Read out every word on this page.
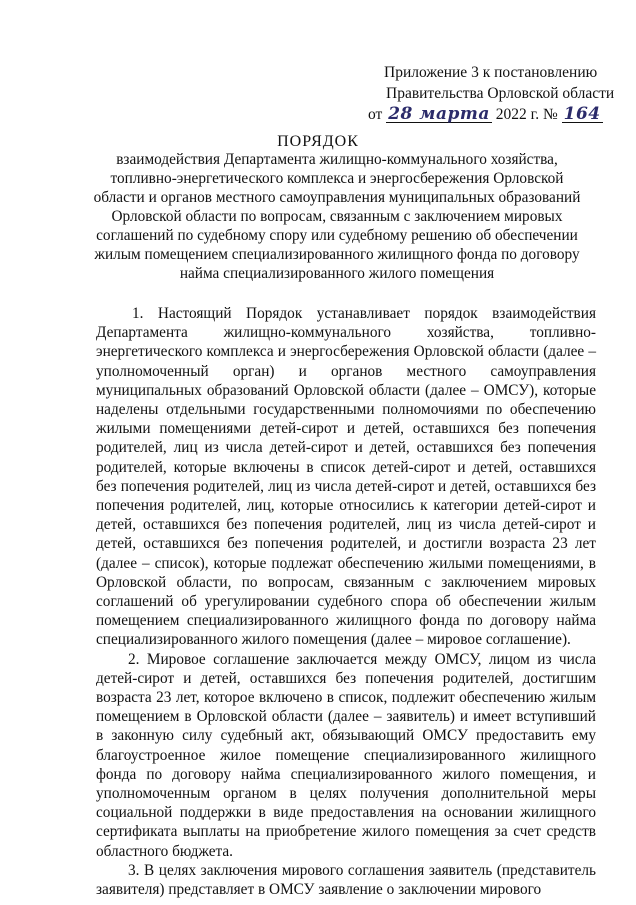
Приложение 3 к постановлению
Правительства Орловской области
от 28 марта 2022 г. № 164
ПОРЯДОК
взаимодействия Департамента жилищно-коммунального хозяйства,
топливно-энергетического комплекса и энергосбережения Орловской
области и органов местного самоуправления муниципальных образований
Орловской области по вопросам, связанным с заключением мировых
соглашений по судебному спору или судебному решению об обеспечении
жилым помещением специализированного жилищного фонда по договору
найма специализированного жилого помещения

1. Настоящий Порядок устанавливает порядок взаимодействия Департамента жилищно-коммунального хозяйства, топливно-энергетического комплекса и энергосбережения Орловской области (далее – уполномоченный орган) и органов местного самоуправления муниципальных образований Орловской области (далее – ОМСУ), которые наделены отдельными государственными полномочиями по обеспечению жилыми помещениями детей-сирот и детей, оставшихся без попечения родителей, лиц из числа детей-сирот и детей, оставшихся без попечения родителей, которые включены в список детей-сирот и детей, оставшихся без попечения родителей, лиц из числа детей-сирот и детей, оставшихся без попечения родителей, лиц, которые относились к категории детей-сирот и детей, оставшихся без попечения родителей, лиц из числа детей-сирот и детей, оставшихся без попечения родителей, и достигли возраста 23 лет (далее – список), которые подлежат обеспечению жилыми помещениями, в Орловской области, по вопросам, связанным с заключением мировых соглашений об урегулировании судебного спора об обеспечении жилым помещением специализированного жилищного фонда по договору найма специализированного жилого помещения (далее – мировое соглашение).

2. Мировое соглашение заключается между ОМСУ, лицом из числа детей-сирот и детей, оставшихся без попечения родителей, достигшим возраста 23 лет, которое включено в список, подлежит обеспечению жилым помещением в Орловской области (далее – заявитель) и имеет вступивший в законную силу судебный акт, обязывающий ОМСУ предоставить ему благоустроенное жилое помещение специализированного жилищного фонда по договору найма специализированного жилого помещения, и уполномоченным органом в целях получения дополнительной меры социальной поддержки в виде предоставления на основании жилищного сертификата выплаты на приобретение жилого помещения за счет средств областного бюджета.

3. В целях заключения мирового соглашения заявитель (представитель заявителя) представляет в ОМСУ заявление о заключении мирового
